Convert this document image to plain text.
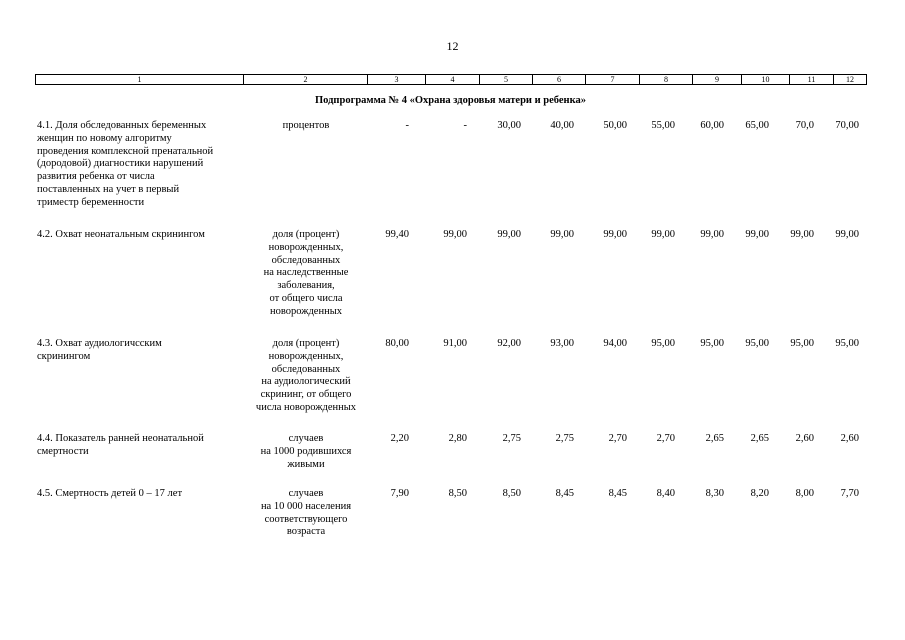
12
1	2	3	4	5	6	7	8	9	10	11	12
Подпрограмма № 4 «Охрана здоровья матери и ребенка»
4.1. Доля обследованных беременных
женщин по новому алгоритму
проведения комплексной пренатальной
(дородовой) диагностики нарушений
развития ребенка от числа
поставленных на учет в первый
триместр беременности
процентов	-	-	30,00	40,00	50,00 55,00 60,00 65,00	70,0 70,00
4.2. Охват неонатальным скринингом	доля (процент)
новорожденных,
обследованных
на наследственные
заболевания,
от общего числа
новорожденных
99,40	99,00	99,00	99,00	99,00 99,00 99,00 99,00 99,00 99,00
4.3. Охват аудиологичсским
скринингом
доля (процент)
новорожденных,
обследованных
на аудиологический
скрининг, от общего
числа новорожденных
80,00	91,00	92,00	93,00	94,00 95,00 95,00 95,00 95,00 95,00
4.4. Показатель ранней неонатальной
смертности
случаев
на 1000 родившихся
живыми
2,20	2,80	2,75	2,75	2,70	2,70	2,65	2,65	2,60	2,60
4.5. Смертность детей 0 – 17 лет	случаев
на 10 000 населения
соответствующего
возраста
7,90	8,50	8,50	8,45	8,45	8,40	8,30	8,20	8,00	7,70
